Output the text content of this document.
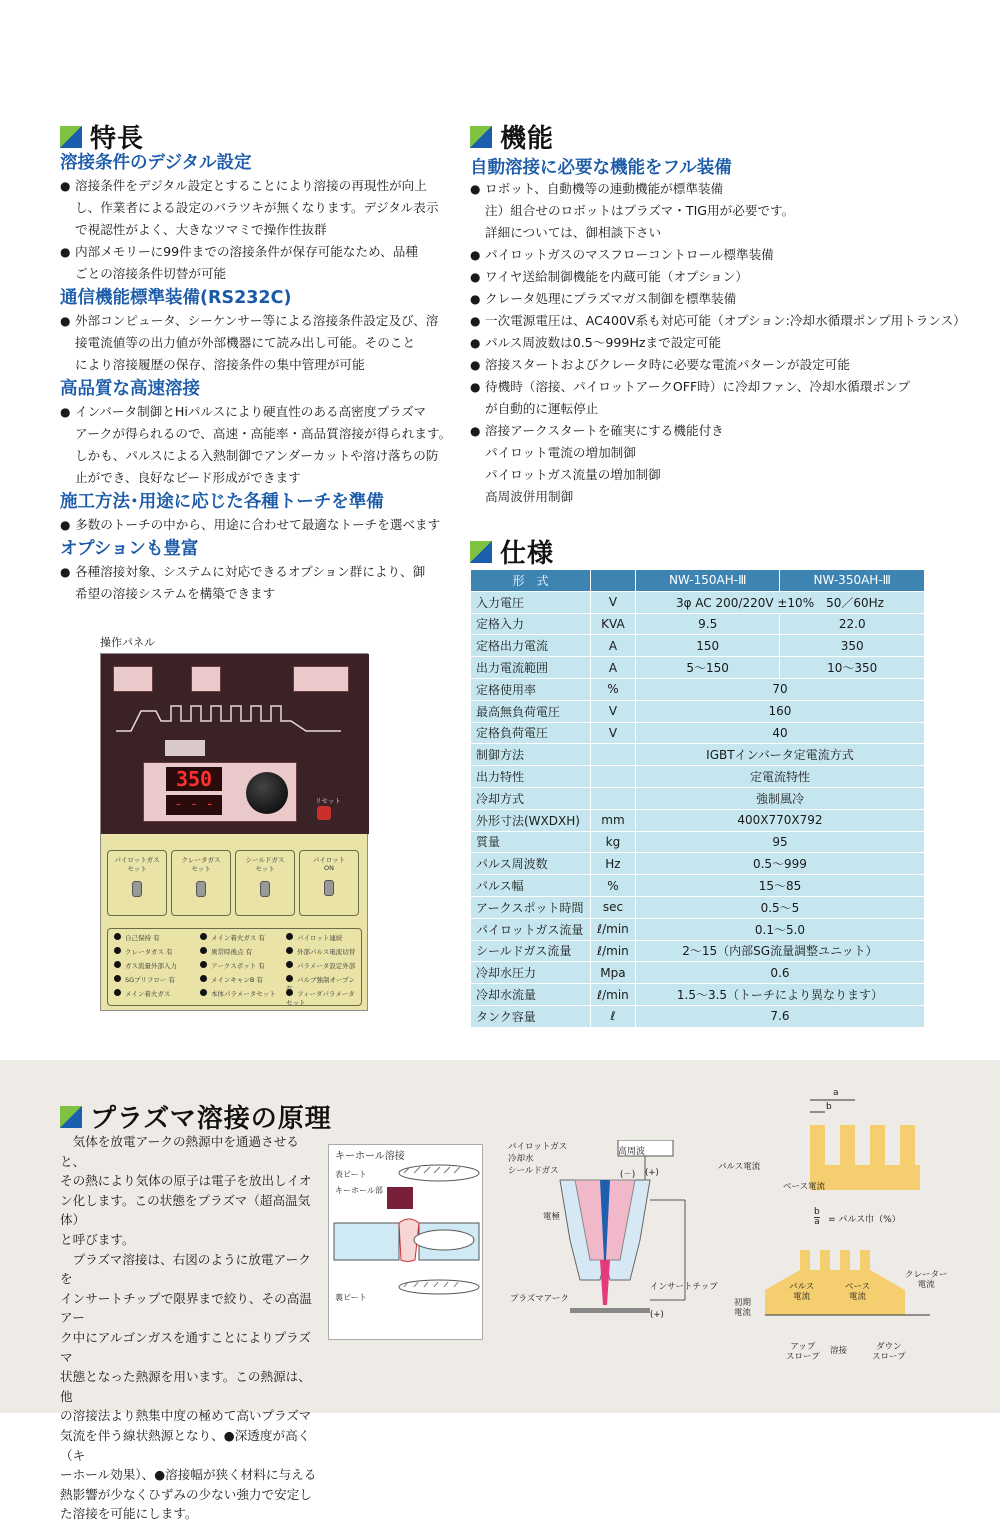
特長
溶接条件のデジタル設定
● 溶接条件をデジタル設定とすることにより溶接の再現性が向上
し、作業者による設定のバラツキが無くなります。デジタル表示
で視認性がよく、大きなツマミで操作性抜群
● 内部メモリーに99件までの溶接条件が保存可能なため、品種
ごとの溶接条件切替が可能
通信機能標準装備(RS232C)
● 外部コンピュータ、シーケンサー等による溶接条件設定及び、溶
接電流値等の出力値が外部機器にて読み出し可能。そのこと
により溶接履歴の保存、溶接条件の集中管理が可能
高品質な高速溶接
● インバータ制御とHiパルスにより硬直性のある高密度プラズマ
アークが得られるので、高速・高能率・高品質溶接が得られます。
しかも、パルスによる入熱制御でアンダーカットや溶け落ちの防
止ができ、良好なビード形成ができます
施工方法･用途に応じた各種トーチを準備
● 多数のトーチの中から、用途に合わせて最適なトーチを選べます
オプションも豊富
● 各種溶接対象、システムに対応できるオプション群により、御
希望の溶接システムを構築できます
機能
自動溶接に必要な機能をフル装備
● ロボット、自動機等の連動機能が標準装備
注）組合せのロボットはプラズマ・TIG用が必要です。
詳細については、御相談下さい
● パイロットガスのマスフローコントロール標準装備
● ワイヤ送給制御機能を内蔵可能（オプション）
● クレータ処理にプラズマガス制御を標準装備
● 一次電源電圧は、AC400V系も対応可能（オプション:冷却水循環ポンプ用トランス）
● パルス周波数は0.5～999Hzまで設定可能
● 溶接スタートおよびクレータ時に必要な電流パターンが設定可能
● 待機時（溶接、パイロットアークOFF時）に冷却ファン、冷却水循環ポンプ
が自動的に運転停止
● 溶接アークスタートを確実にする機能付き
パイロット電流の増加制御
パイロットガス流量の増加制御
高周波併用制御
仕様
形　式		NW-150AH-Ⅲ	NW-350AH-Ⅲ
入力電圧	V	3φ AC 200/220V ±10%　50／60Hz	
定格入力	KVA	9.5	22.0
定格出力電流	A	150	350
出力電流範囲	A	5～150	10～350
定格使用率	%	70	
最高無負荷電圧	V	160	
定格負荷電圧	V	40	
制御方法		IGBTインバータ定電流方式	
出力特性		定電流特性	
冷却方式		強制風冷	
外形寸法(WXDXH)	mm	400X770X792	
質量	kg	95	
パルス周波数	Hz	0.5～999	
パルス幅	%	15～85	
アークスポット時間	sec	0.5～5	
パイロットガス流量	ℓ/min	0.1～5.0	
シールドガス流量	ℓ/min	2～15（内部SG流量調整ユニット）	
冷却水圧力	Mpa	0.6	
冷却水流量	ℓ/min	1.5～3.5（トーチにより異なります）	
タンク容量	ℓ	7.6	
操作パネル
350
- - -	リセット
パイロットガス
セット
クレータガス
セット
シールドガス
セット
パイロット
ON
自己保持 有	メイン着火ガス 有	パイロット連続
クレータガス 有	異常時後点 有	外部パルス電流切替
ガス流量外部入力	アークスポット 有	パラメータ設定外部
SGプリフロー 有	メインキャンB 有	パルブ強制オープン
メイン着火ガス	本体パラメータセット	フィーダパラメータセット
プラズマ溶接の原理
　気体を放電アークの熱源中を通過させると、
その熱により気体の原子は電子を放出しイオ
ン化します。この状態をプラズマ（超高温気体）
と呼びます。
　プラズマ溶接は、右図のように放電アークを
インサートチップで限界まで絞り、その高温アー
ク中にアルゴンガスを通すことによりプラズマ
状態となった熱源を用います。この熱源は、他
の溶接法より熱集中度の極めて高いプラズマ
気流を伴う線状熱源となり、●深透度が高く（キ
ーホール効果）、●溶接幅が狭く材料に与える
熱影響が少なくひずみの少ない強力で安定し
た溶接を可能にします。
キーホール溶接
表ビート
キーホール部
裏ビート
高周波
パイロットガス
冷却水
シールドガス	(－) (+)
電極
インサートチップ
プラズマアーク
(+)
a
b
パルス電流
ベース電流
b
a = パルス巾（%）
パルス
電流
ベース
電流
クレーター
電流
初期
電流
アップ
スロープ
溶接	ダウン
スロープ
